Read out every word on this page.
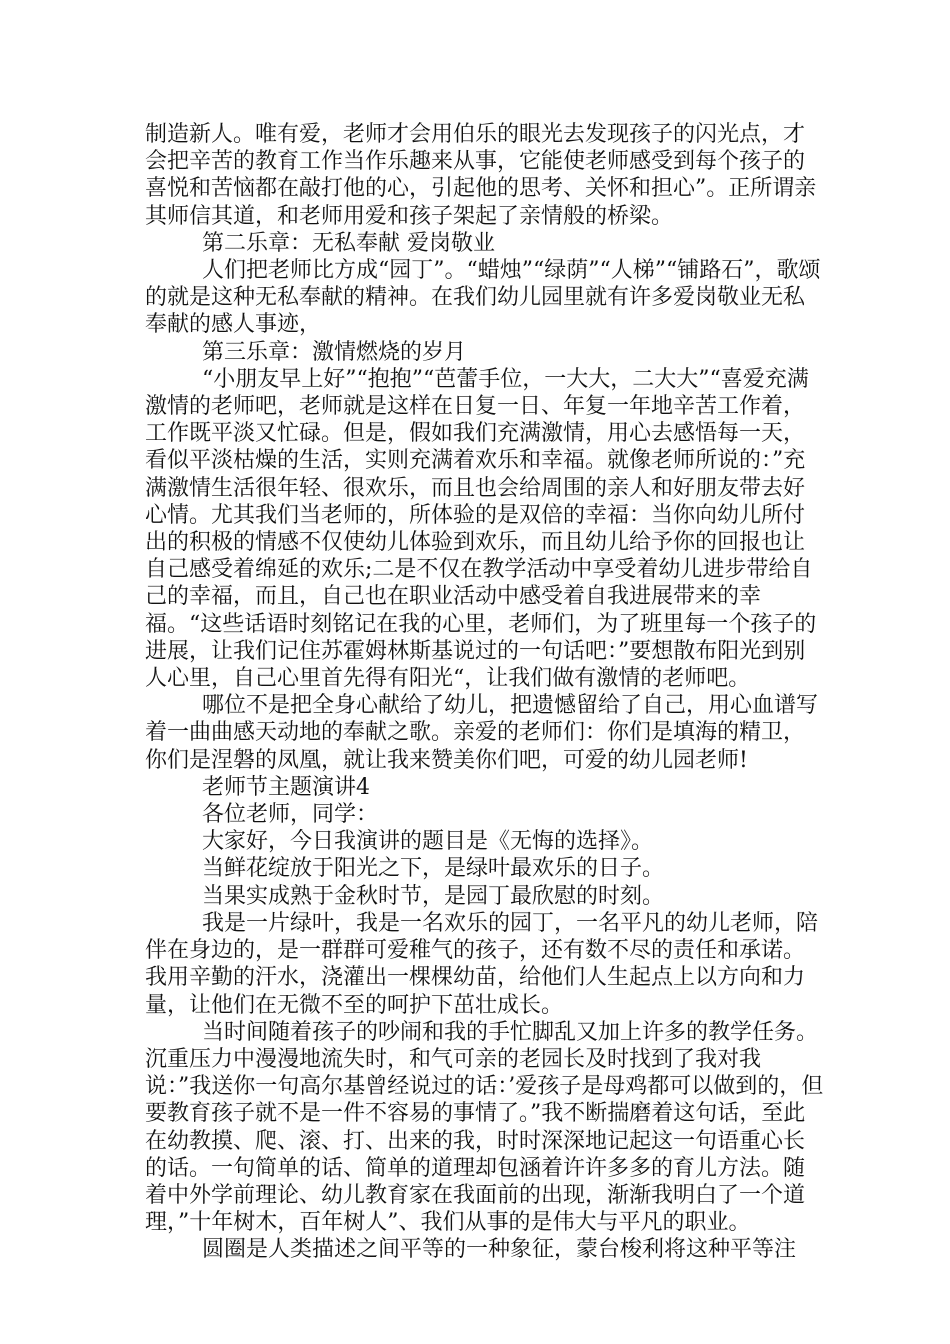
制造新人。唯有爱，老师才会用伯乐的眼光去发现孩子的闪光点，才会把辛苦的教育工作当作乐趣来从事，它能使老师感受到每个孩子的喜悦和苦恼都在敲打他的心，引起他的思考、关怀和担心”。正所谓亲其师信其道，和老师用爱和孩子架起了亲情般的桥梁。

第二乐章：无私奉献 爱岗敬业

人们把老师比方成“园丁”。“蜡烛”“绿荫”“人梯”“铺路石”，歌颂的就是这种无私奉献的精神。在我们幼儿园里就有许多爱岗敬业无私奉献的感人事迹，

第三乐章：激情燃烧的岁月

“小朋友早上好”“抱抱”“芭蕾手位，一大大，二大大”“喜爱充满激情的老师吧，老师就是这样在日复一日、年复一年地辛苦工作着，工作既平淡又忙碌。但是，假如我们充满激情，用心去感悟每一天，看似平淡枯燥的生活，实则充满着欢乐和幸福。就像老师所说的：”充满激情生活很年轻、很欢乐，而且也会给周围的亲人和好朋友带去好心情。尤其我们当老师的，所体验的是双倍的幸福：当你向幼儿所付出的积极的情感不仅使幼儿体验到欢乐，而且幼儿给予你的回报也让自己感受着绵延的欢乐;二是不仅在教学活动中享受着幼儿进步带给自己的幸福，而且，自己也在职业活动中感受着自我进展带来的幸福。“这些话语时刻铭记在我的心里，老师们，为了班里每一个孩子的进展，让我们记住苏霍姆林斯基说过的一句话吧：”要想散布阳光到别人心里，自己心里首先得有阳光“，让我们做有激情的老师吧。

哪位不是把全身心献给了幼儿，把遗憾留给了自己，用心血谱写着一曲曲感天动地的奉献之歌。亲爱的老师们：你们是填海的精卫，你们是涅磐的凤凰，就让我来赞美你们吧，可爱的幼儿园老师!

老师节主题演讲4

各位老师，同学：

大家好，今日我演讲的题目是《无悔的选择》。

当鲜花绽放于阳光之下，是绿叶最欢乐的日子。

当果实成熟于金秋时节，是园丁最欣慰的时刻。

我是一片绿叶，我是一名欢乐的园丁，一名平凡的幼儿老师，陪伴在身边的，是一群群可爱稚气的孩子，还有数不尽的责任和承诺。我用辛勤的汗水，浇灌出一棵棵幼苗，给他们人生起点上以方向和力量，让他们在无微不至的呵护下茁壮成长。

当时间随着孩子的吵闹和我的手忙脚乱又加上许多的教学任务。沉重压力中漫漫地流失时，和气可亲的老园长及时找到了我对我说：”我送你一句高尔基曾经说过的话：’爱孩子是母鸡都可以做到的，但要教育孩子就不是一件不容易的事情了。”我不断揣磨着这句话，至此在幼教摸、爬、滚、打、出来的我，时时深深地记起这一句语重心长的话。一句简单的话、简单的道理却包涵着许许多多的育儿方法。随着中外学前理论、幼儿教育家在我面前的出现，渐渐我明白了一个道理，”十年树木，百年树人”、我们从事的是伟大与平凡的职业。

圆圈是人类描述之间平等的一种象征，蒙台梭利将这种平等注
